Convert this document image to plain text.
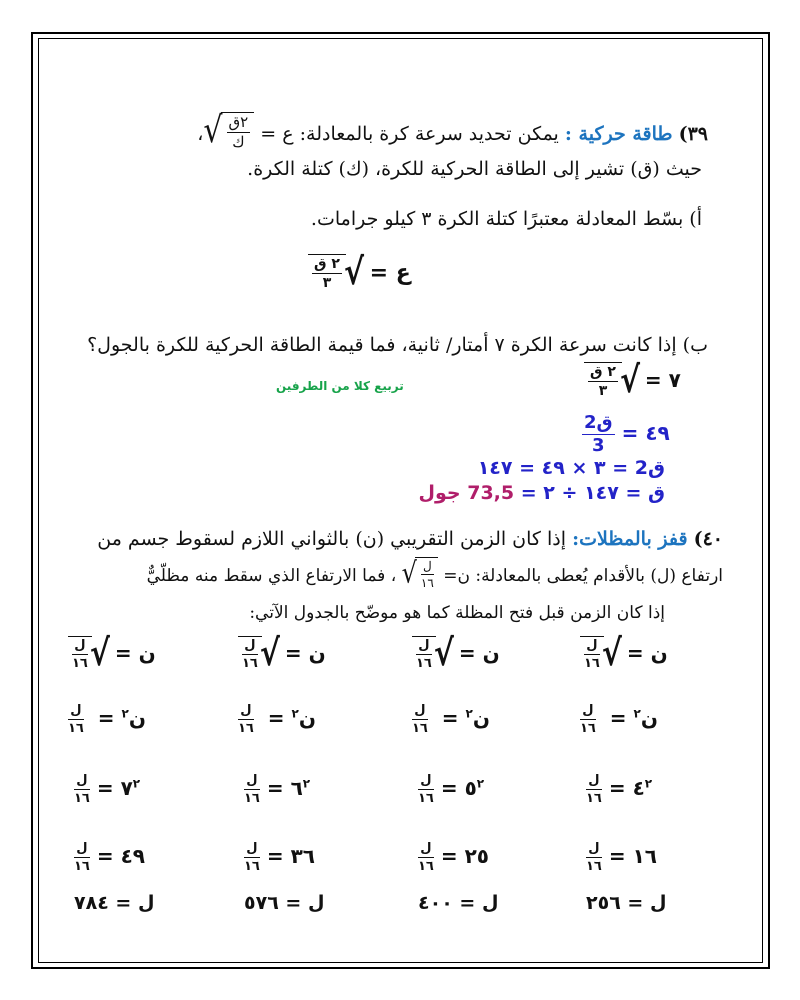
٣٩) طاقة حركية : يمكن تحديد سرعة كرة بالمعادلة: ع =
√ $\frac{\text{٢ق}}{\text{ك}}$
،
حيث (ق) تشير إلى الطاقة الحركية للكرة، (ك) كتلة الكرة.
أ) بسّط المعادلة معتبرًا كتلة الكرة ٣ كيلو جرامات.
$\frac{\text{٢ ق}}{٣}$ √
= ع
ب) إذا كانت سرعة الكرة ٧ أمتار/ ثانية، فما قيمة الطاقة الحركية للكرة بالجول؟
تربيع كلا من الطرفين	$\frac{\text{٢ ق}}{٣}$ √
= ٧
$\frac{\text{ق2}}{3}$ = ٤٩
ق2 = ٣ × ٤٩ = ١٤٧
ق = ١٤٧ ÷ ٢ = 73,5 جول
٤٠) قفز بالمظلات: إذا كان الزمن التقريبي (ن) بالثواني اللازم لسقوط جسم من
ارتفاع (ل) بالأقدام يُعطى بالمعادلة: ن=
√ $\frac{\text{ل}}{١٦}$
، فما الارتفاع الذي سقط منه مظلّيٌّ
إذا كان الزمن قبل فتح المظلة كما هو موضّح بالجدول الآتي:
$\frac{\text{ل}}{١٦}$ √
= ن
$\frac{\text{ل}}{١٦}$ = ن$^٢$
$\frac{\text{ل}}{١٦}$ = $٤^٢$
$\frac{\text{ل}}{١٦}$ = ١٦
ل = ٢٥٦
$\frac{\text{ل}}{١٦}$ √
= ن
$\frac{\text{ل}}{١٦}$ = ن$^٢$
$\frac{\text{ل}}{١٦}$ = $٥^٢$
$\frac{\text{ل}}{١٦}$ = ٢٥
ل = ٤٠٠
$\frac{\text{ل}}{١٦}$ √
= ن
$\frac{\text{ل}}{١٦}$ = ن$^٢$
$\frac{\text{ل}}{١٦}$ = $٦^٢$
$\frac{\text{ل}}{١٦}$ = ٣٦
ل = ٥٧٦
$\frac{\text{ل}}{١٦}$ √
= ن
$\frac{\text{ل}}{١٦}$ = ن$^٢$
$\frac{\text{ل}}{١٦}$ = $٧^٢$
$\frac{\text{ل}}{١٦}$ = ٤٩
ل = ٧٨٤
